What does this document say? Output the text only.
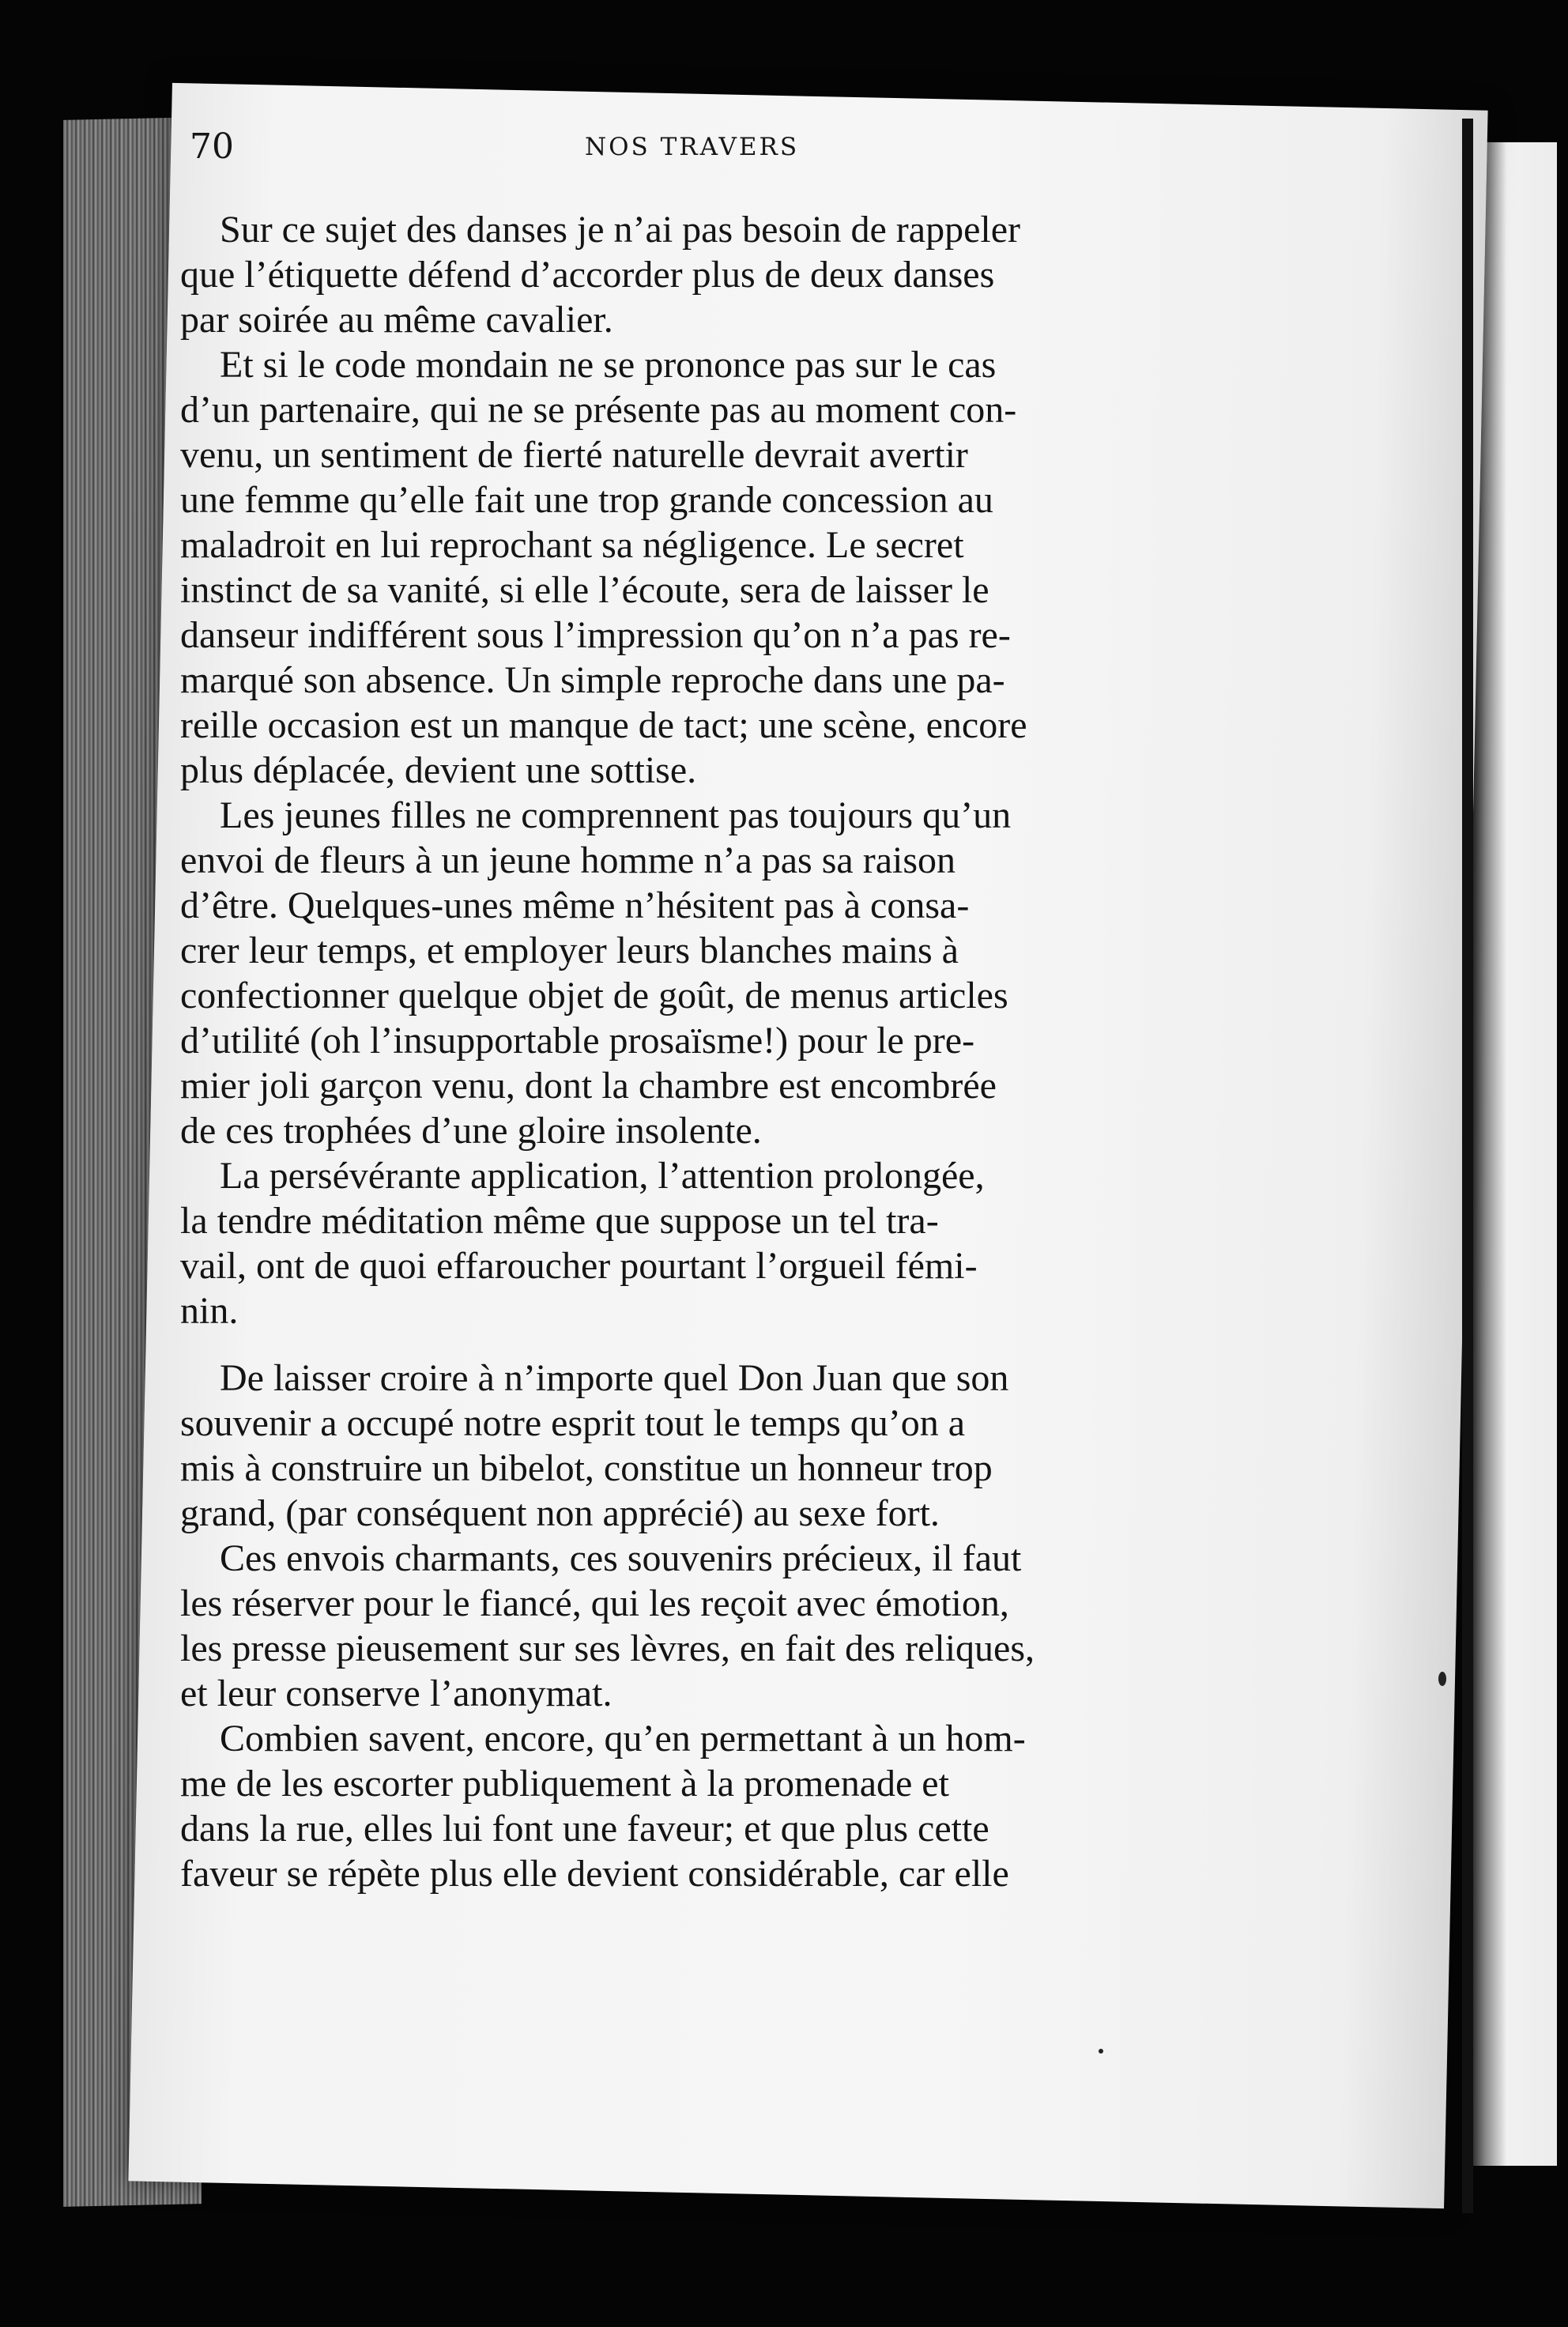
70	NOS TRAVERS

Sur ce sujet des danses je n’ai pas besoin de rappeler
que l’étiquette défend d’accorder plus de deux danses
par soirée au même cavalier.

Et si le code mondain ne se prononce pas sur le cas
d’un partenaire, qui ne se présente pas au moment con-
venu, un sentiment de fierté naturelle devrait avertir
une femme qu’elle fait une trop grande concession au
maladroit en lui reprochant sa négligence. Le secret
instinct de sa vanité, si elle l’écoute, sera de laisser le
danseur indifférent sous l’impression qu’on n’a pas re-
marqué son absence. Un simple reproche dans une pa-
reille occasion est un manque de tact; une scène, encore
plus déplacée, devient une sottise.

Les jeunes filles ne comprennent pas toujours qu’un
envoi de fleurs à un jeune homme n’a pas sa raison
d’être. Quelques-unes même n’hésitent pas à consa-
crer leur temps, et employer leurs blanches mains à
confectionner quelque objet de goût, de menus articles
d’utilité (oh l’insupportable prosaïsme!) pour le pre-
mier joli garçon venu, dont la chambre est encombrée
de ces trophées d’une gloire insolente.

La persévérante application, l’attention prolongée,
la tendre méditation même que suppose un tel tra-
vail, ont de quoi effaroucher pourtant l’orgueil fémi-
nin.

De laisser croire à n’importe quel Don Juan que son
souvenir a occupé notre esprit tout le temps qu’on a
mis à construire un bibelot, constitue un honneur trop
grand, (par conséquent non apprécié) au sexe fort.

Ces envois charmants, ces souvenirs précieux, il faut
les réserver pour le fiancé, qui les reçoit avec émotion,
les presse pieusement sur ses lèvres, en fait des reliques,
et leur conserve l’anonymat.

Combien savent, encore, qu’en permettant à un hom-
me de les escorter publiquement à la promenade et
dans la rue, elles lui font une faveur; et que plus cette
faveur se répète plus elle devient considérable, car elle
